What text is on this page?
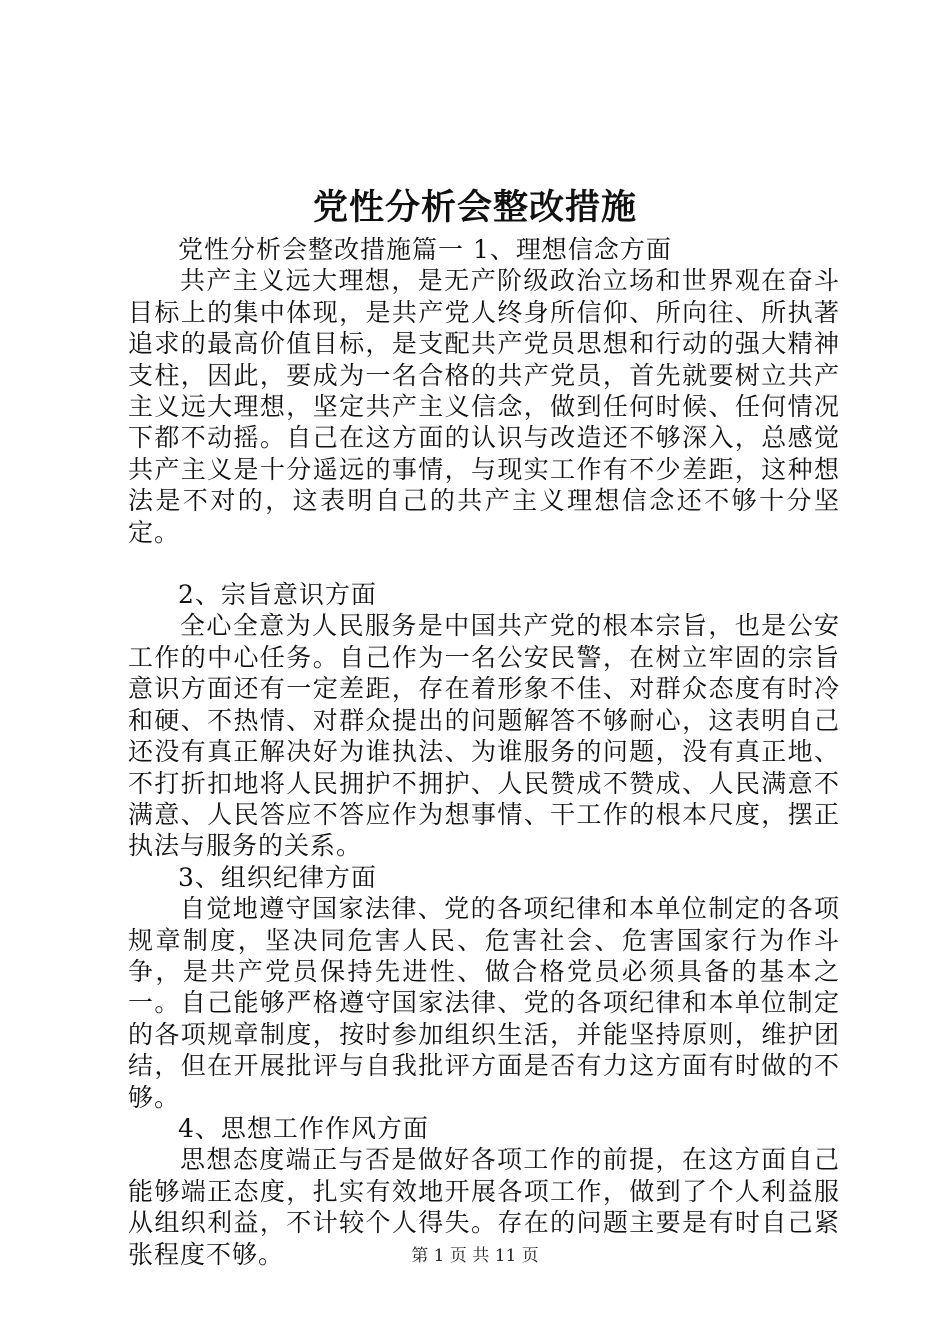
党性分析会整改措施

党性分析会整改措施篇一 1、理想信念方面

共产主义远大理想，是无产阶级政治立场和世界观在奋斗目标上的集中体现，是共产党人终身所信仰、所向往、所执著追求的最高价值目标，是支配共产党员思想和行动的强大精神支柱，因此，要成为一名合格的共产党员，首先就要树立共产主义远大理想，坚定共产主义信念，做到任何时候、任何情况下都不动摇。自己在这方面的认识与改造还不够深入，总感觉共产主义是十分遥远的事情，与现实工作有不少差距，这种想法是不对的，这表明自己的共产主义理想信念还不够十分坚定。

2、宗旨意识方面

全心全意为人民服务是中国共产党的根本宗旨，也是公安工作的中心任务。自己作为一名公安民警，在树立牢固的宗旨意识方面还有一定差距，存在着形象不佳、对群众态度有时冷和硬、不热情、对群众提出的问题解答不够耐心，这表明自己还没有真正解决好为谁执法、为谁服务的问题，没有真正地、不打折扣地将人民拥护不拥护、人民赞成不赞成、人民满意不满意、人民答应不答应作为想事情、干工作的根本尺度，摆正执法与服务的关系。

3、组织纪律方面

自觉地遵守国家法律、党的各项纪律和本单位制定的各项规章制度，坚决同危害人民、危害社会、危害国家行为作斗争，是共产党员保持先进性、做合格党员必须具备的基本之一。自己能够严格遵守国家法律、党的各项纪律和本单位制定的各项规章制度，按时参加组织生活，并能坚持原则，维护团结，但在开展批评与自我批评方面是否有力这方面有时做的不够。

4、思想工作作风方面

思想态度端正与否是做好各项工作的前提，在这方面自己能够端正态度，扎实有效地开展各项工作，做到了个人利益服从组织利益，不计较个人得失。存在的问题主要是有时自己紧张程度不够。	第 1 页 共 11 页
